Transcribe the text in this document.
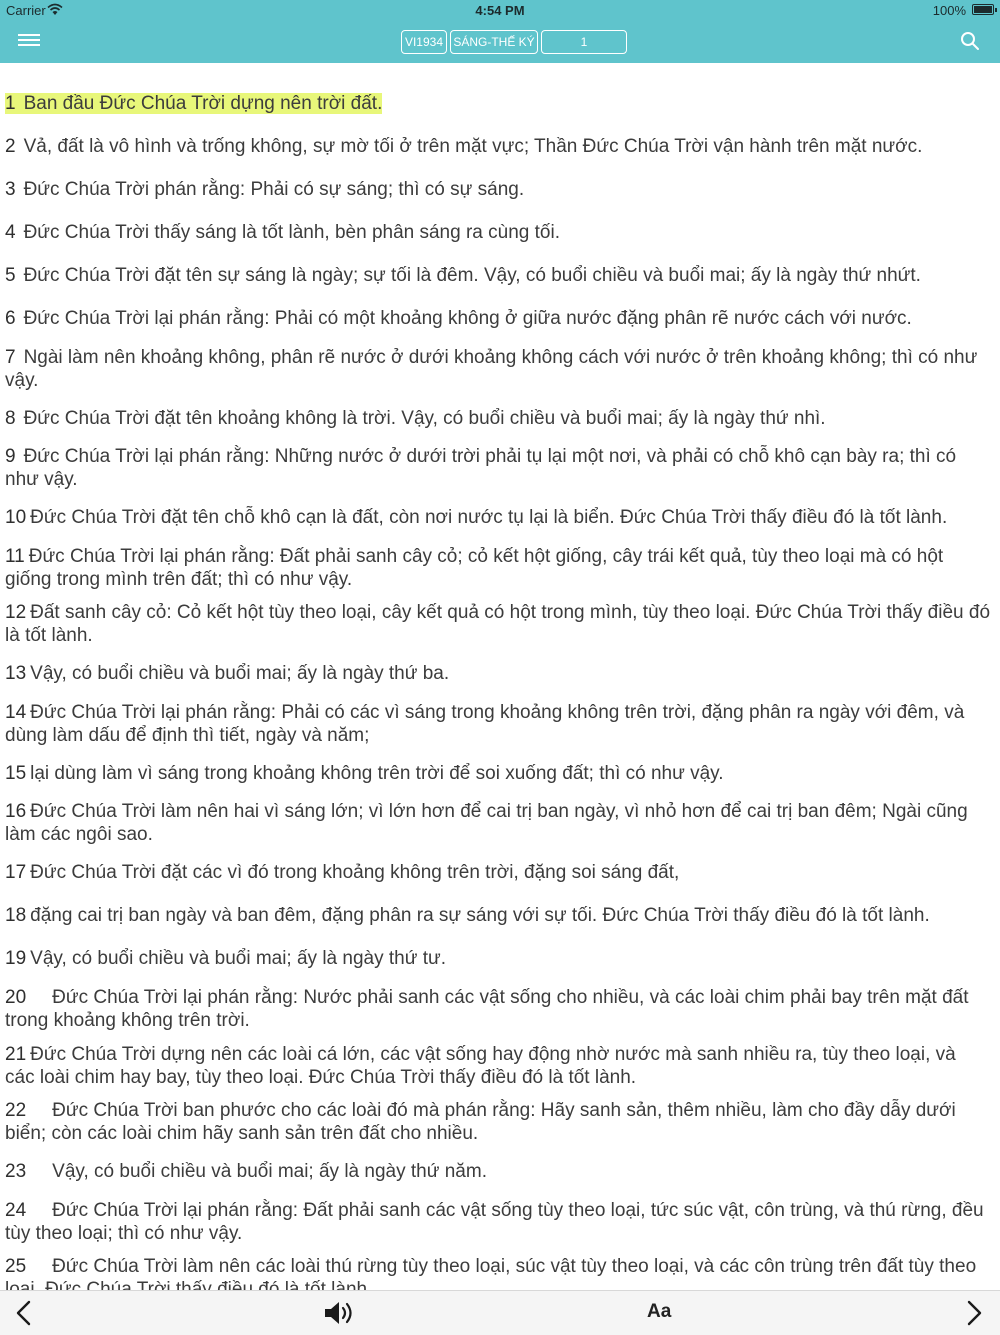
Carrier	4:54 PM	100%
VI1934 SÁNG-THẾ KÝ	1
1 Ban đầu Đức Chúa Trời dựng nên trời đất.
2 Vả, đất là vô hình và trống không, sự mờ tối ở trên mặt vực; Thần Đức Chúa Trời vận hành trên mặt nước.
3 Đức Chúa Trời phán rằng: Phải có sự sáng; thì có sự sáng.
4 Đức Chúa Trời thấy sáng là tốt lành, bèn phân sáng ra cùng tối.
5 Đức Chúa Trời đặt tên sự sáng là ngày; sự tối là đêm. Vậy, có buổi chiều và buổi mai; ấy là ngày thứ nhứt.
6 Đức Chúa Trời lại phán rằng: Phải có một khoảng không ở giữa nước đặng phân rẽ nước cách với nước.
7 Ngài làm nên khoảng không, phân rẽ nước ở dưới khoảng không cách với nước ở trên khoảng không; thì có như vậy.
8 Đức Chúa Trời đặt tên khoảng không là trời. Vậy, có buổi chiều và buổi mai; ấy là ngày thứ nhì.
9 Đức Chúa Trời lại phán rằng: Những nước ở dưới trời phải tụ lại một nơi, và phải có chỗ khô cạn bày ra; thì có như vậy.
10 Đức Chúa Trời đặt tên chỗ khô cạn là đất, còn nơi nước tụ lại là biển. Đức Chúa Trời thấy điều đó là tốt lành.
11 Đức Chúa Trời lại phán rằng: Đất phải sanh cây cỏ; cỏ kết hột giống, cây trái kết quả, tùy theo loại mà có hột giống trong mình trên đất; thì có như vậy.
12 Đất sanh cây cỏ: Cỏ kết hột tùy theo loại, cây kết quả có hột trong mình, tùy theo loại. Đức Chúa Trời thấy điều đó là tốt lành.
13 Vậy, có buổi chiều và buổi mai; ấy là ngày thứ ba.
14 Đức Chúa Trời lại phán rằng: Phải có các vì sáng trong khoảng không trên trời, đặng phân ra ngày với đêm, và dùng làm dấu để định thì tiết, ngày và năm;
15 lại dùng làm vì sáng trong khoảng không trên trời để soi xuống đất; thì có như vậy.
16 Đức Chúa Trời làm nên hai vì sáng lớn; vì lớn hơn để cai trị ban ngày, vì nhỏ hơn để cai trị ban đêm; Ngài cũng làm các ngôi sao.
17 Đức Chúa Trời đặt các vì đó trong khoảng không trên trời, đặng soi sáng đất,
18 đặng cai trị ban ngày và ban đêm, đặng phân ra sự sáng với sự tối. Đức Chúa Trời thấy điều đó là tốt lành.
19 Vậy, có buổi chiều và buổi mai; ấy là ngày thứ tư.
20 Đức Chúa Trời lại phán rằng: Nước phải sanh các vật sống cho nhiều, và các loài chim phải bay trên mặt đất trong khoảng không trên trời.
21 Đức Chúa Trời dựng nên các loài cá lớn, các vật sống hay động nhờ nước mà sanh nhiều ra, tùy theo loại, và các loài chim hay bay, tùy theo loại. Đức Chúa Trời thấy điều đó là tốt lành.
22 Đức Chúa Trời ban phước cho các loài đó mà phán rằng: Hãy sanh sản, thêm nhiều, làm cho đầy dẫy dưới biển; còn các loài chim hãy sanh sản trên đất cho nhiều.
23 Vậy, có buổi chiều và buổi mai; ấy là ngày thứ năm.
24 Đức Chúa Trời lại phán rằng: Đất phải sanh các vật sống tùy theo loại, tức súc vật, côn trùng, và thú rừng, đều tùy theo loại; thì có như vậy.
25 Đức Chúa Trời làm nên các loài thú rừng tùy theo loại, súc vật tùy theo loại, và các côn trùng trên đất tùy theo
Aa
